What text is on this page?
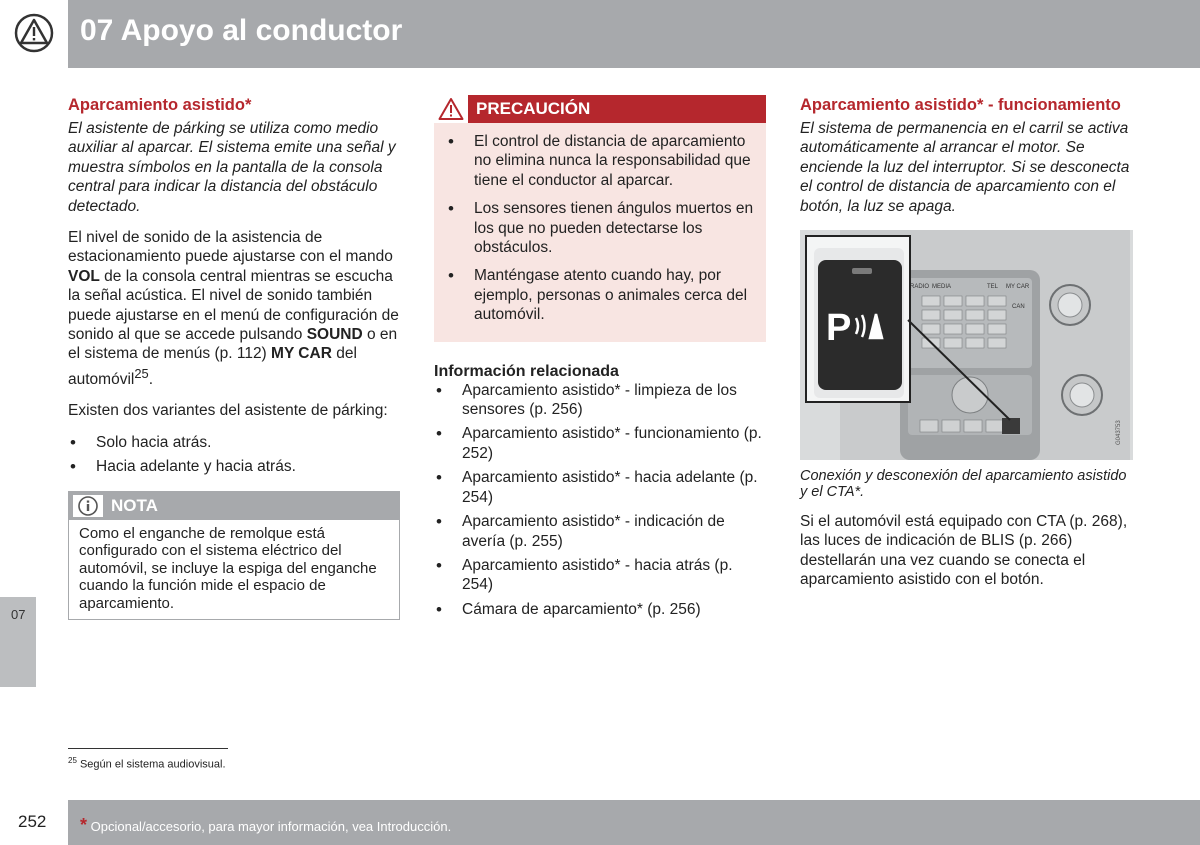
07 Apoyo al conductor
07
Aparcamiento asistido*

El asistente de párking se utiliza como medio auxiliar al aparcar. El sistema emite una señal y muestra símbolos en la pantalla de la consola central para indicar la distancia del obstáculo detectado.

El nivel de sonido de la asistencia de estacionamiento puede ajustarse con el mando VOL de la consola central mientras se escucha la señal acústica. El nivel de sonido también puede ajustarse en el menú de configuración de sonido al que se accede pulsando SOUND o en el sistema de menús (p. 112) MY CAR del automóvil$^{25}$.

Existen dos variantes del asistente de párking:

• Solo hacia atrás.
• Hacia adelante y hacia atrás.
NOTA
Como el enganche de remolque está configurado con el sistema eléctrico del automóvil, se incluye la espiga del enganche cuando la función mide el espacio de aparcamiento.
PRECAUCIÓN
• El control de distancia de aparcamiento no elimina nunca la responsabilidad que tiene el conductor al aparcar.
• Los sensores tienen ángulos muertos en los que no pueden detectarse los obstáculos.
• Manténgase atento cuando hay, por ejemplo, personas o animales cerca del automóvil.
Información relacionada
• Aparcamiento asistido* - limpieza de los sensores (p. 256)
• Aparcamiento asistido* - funcionamiento (p. 252)
• Aparcamiento asistido* - hacia adelante (p. 254)
• Aparcamiento asistido* - indicación de avería (p. 255)
• Aparcamiento asistido* - hacia atrás (p. 254)
• Cámara de aparcamiento* (p. 256)
Aparcamiento asistido* - funcionamiento

El sistema de permanencia en el carril se activa automáticamente al arrancar el motor. Se enciende la luz del interruptor. Si se desconecta el control de distancia de aparcamiento con el botón, la luz se apaga.

RADIO MEDIA	TEL MY CAR
CAN
P
G043753

Conexión y desconexión del aparcamiento asistido y el CTA*.

Si el automóvil está equipado con CTA (p. 268), las luces de indicación de BLIS (p. 266) destellarán una vez cuando se conecta el aparcamiento asistido con el botón.

$^{25}$ Según el sistema audiovisual.
252 * Opcional/accesorio, para mayor información, vea Introducción.
